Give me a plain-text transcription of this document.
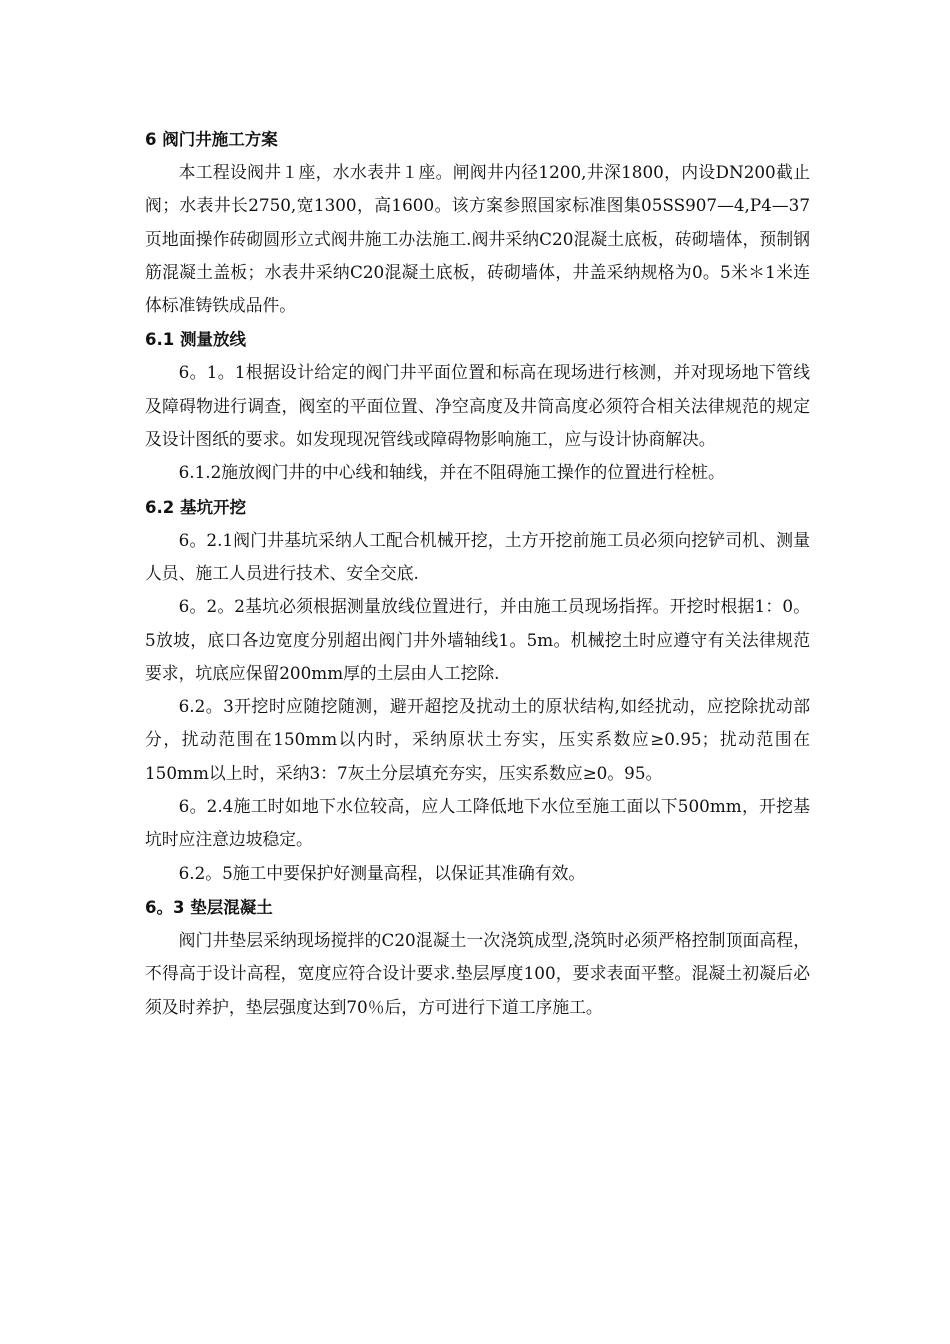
6 阀门井施工方案

本工程设阀井１座，水水表井１座。闸阀井内径1200,井深1800，内设DN200截止阀；水表井长2750,宽1300，高1600。该方案参照国家标准图集05SS907—4,P4—37页地面操作砖砌圆形立式阀井施工办法施工.阀井采纳C20混凝土底板，砖砌墙体，预制钢筋混凝土盖板；水表井采纳C20混凝土底板，砖砌墙体，井盖采纳规格为0。5米＊1米连体标准铸铁成品件。

6.1 测量放线

6。1。1根据设计给定的阀门井平面位置和标高在现场进行核测，并对现场地下管线及障碍物进行调查，阀室的平面位置、净空高度及井筒高度必须符合相关法律规范的规定及设计图纸的要求。如发现现况管线或障碍物影响施工，应与设计协商解决。

6.1.2施放阀门井的中心线和轴线，并在不阻碍施工操作的位置进行栓桩。

6.2 基坑开挖

6。2.1阀门井基坑采纳人工配合机械开挖，土方开挖前施工员必须向挖铲司机、测量人员、施工人员进行技术、安全交底.

6。2。2基坑必须根据测量放线位置进行，并由施工员现场指挥。开挖时根据1：0。5放坡，底口各边宽度分别超出阀门井外墙轴线1。5m。机械挖土时应遵守有关法律规范要求，坑底应保留200mm厚的土层由人工挖除.

6.2。3开挖时应随挖随测，避开超挖及扰动土的原状结构,如经扰动，应挖除扰动部分，扰动范围在150mm以内时，采纳原状土夯实，压实系数应≥0.95；扰动范围在150mm以上时，采纳3：7灰土分层填充夯实，压实系数应≥0。95。

6。2.4施工时如地下水位较高，应人工降低地下水位至施工面以下500mm，开挖基坑时应注意边坡稳定。

6.2。5施工中要保护好测量高程，以保证其准确有效。

6。3 垫层混凝土

阀门井垫层采纳现场搅拌的C20混凝土一次浇筑成型,浇筑时必须严格控制顶面高程，不得高于设计高程，宽度应符合设计要求.垫层厚度100，要求表面平整。混凝土初凝后必须及时养护，垫层强度达到70％后，方可进行下道工序施工。
